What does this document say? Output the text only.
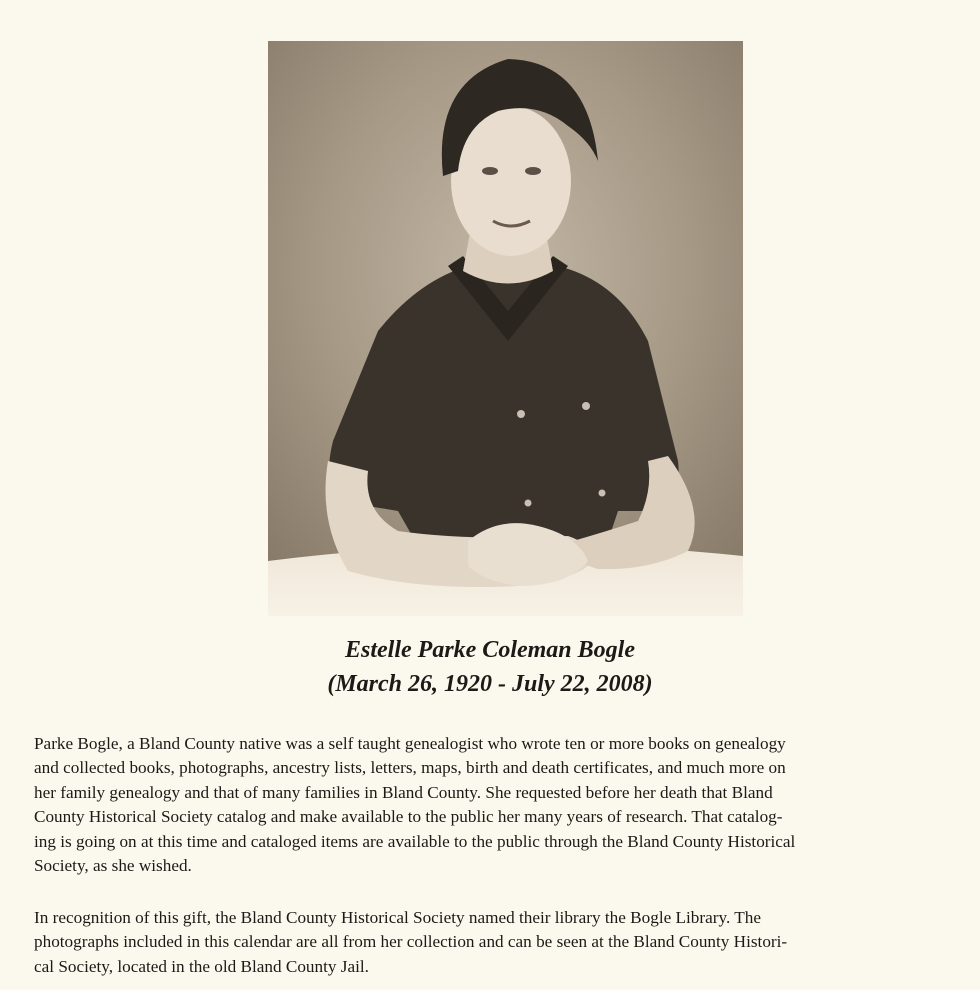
Estelle Parke Coleman Bogle
(March 26, 1920 - July 22, 2008)

Parke Bogle, a Bland County native was a self taught genealogist who wrote ten or more books on genealogy
and collected books, photographs, ancestry lists, letters, maps, birth and death certificates, and much more on
her family genealogy and that of many families in Bland County. She requested before her death that Bland
County Historical Society catalog and make available to the public her many years of research. That catalog-
ing is going on at this time and cataloged items are available to the public through the Bland County Historical
Society, as she wished.

In recognition of this gift, the Bland County Historical Society named their library the Bogle Library. The
photographs included in this calendar are all from her collection and can be seen at the Bland County Histori-
cal Society, located in the old Bland County Jail.
